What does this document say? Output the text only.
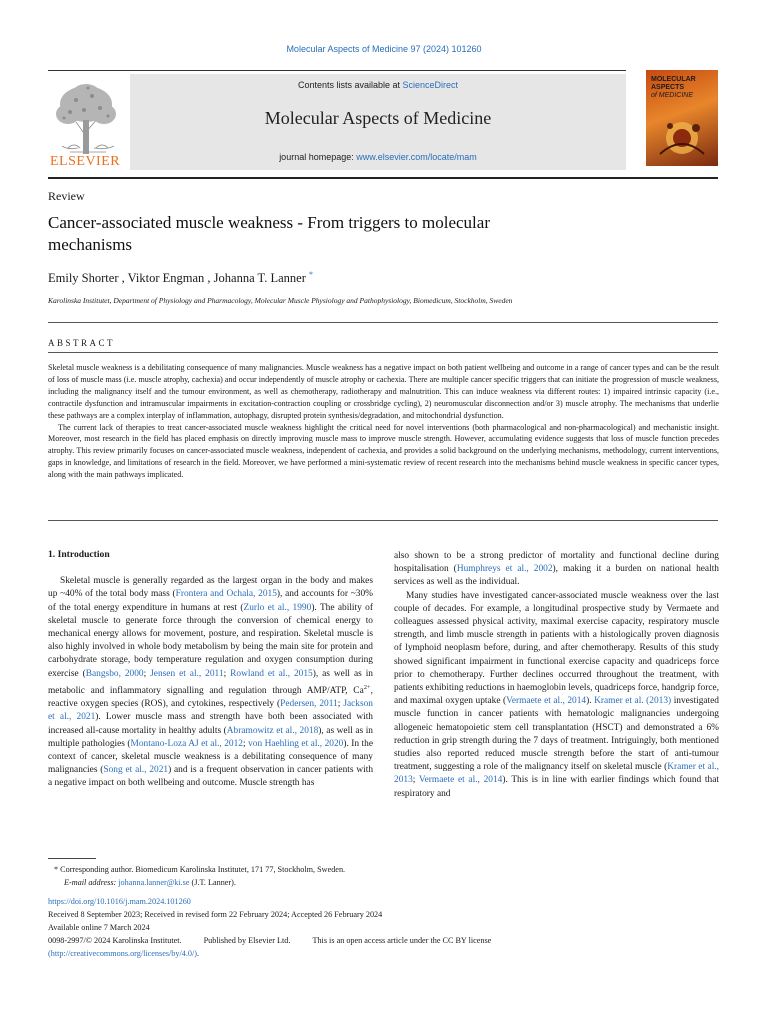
Molecular Aspects of Medicine 97 (2024) 101260
ELSEVIER
Contents lists available at ScienceDirect
Molecular Aspects of Medicine
journal homepage: www.elsevier.com/locate/mam
MOLECULAR
ASPECTS
of MEDICINE
Review
Cancer-associated muscle weakness - From triggers to molecular mechanisms
Emily Shorter , Viktor Engman , Johanna T. Lanner *
Karolinska Institutet, Department of Physiology and Pharmacology, Molecular Muscle Physiology and Pathophysiology, Biomedicum, Stockholm, Sweden
ABSTRACT

Skeletal muscle weakness is a debilitating consequence of many malignancies. Muscle weakness has a negative impact on both patient wellbeing and outcome in a range of cancer types and can be the result of loss of muscle mass (i.e. muscle atrophy, cachexia) and occur independently of muscle atrophy or cachexia. There are multiple cancer specific triggers that can initiate the progression of muscle weakness, including the malignancy itself and the tumour environment, as well as chemotherapy, radiotherapy and malnutrition. This can induce weakness via different routes: 1) impaired intrinsic capacity (i.e., contractile dysfunction and intramuscular impairments in excitation-contraction coupling or crossbridge cycling), 2) neuromuscular disconnection and/or 3) muscle atrophy. The mechanisms that underlie these pathways are a complex interplay of inflammation, autophagy, disrupted protein synthesis/degradation, and mitochondrial dysfunction.

The current lack of therapies to treat cancer-associated muscle weakness highlight the critical need for novel interventions (both pharmacological and non-pharmacological) and mechanistic insight. Moreover, most research in the field has placed emphasis on directly improving muscle mass to improve muscle strength. However, accumulating evidence suggests that loss of muscle function precedes atrophy. This review primarily focuses on cancer-associated muscle weakness, independent of cachexia, and provides a solid background on the underlying mechanisms, methodology, current interventions, gaps in knowledge, and limitations of research in the field. Moreover, we have performed a mini-systematic review of recent research into the mechanisms behind muscle weakness in specific cancer types, along with the main pathways implicated.

1. Introduction

Skeletal muscle is generally regarded as the largest organ in the body and makes up ~40% of the total body mass (Frontera and Ochala, 2015), and accounts for ~30% of the total energy expenditure in humans at rest (Zurlo et al., 1990). The ability of skeletal muscle to generate force through the conversion of chemical energy to mechanical energy allows for movement, posture, and respiration. Skeletal muscle is also highly involved in whole body metabolism by being the main site for protein and carbohydrate storage, body temperature regulation and oxygen consumption during exercise (Bangsbo, 2000; Jensen et al., 2011; Rowland et al., 2015), as well as in metabolic and inflammatory signalling and regulation through AMP/ATP, $Ca^{2+}$, reactive oxygen species (ROS), and cytokines, respectively (Pedersen, 2011; Jackson et al., 2021). Lower muscle mass and strength have both been associated with increased all-cause mortality in healthy adults (Abramowitz et al., 2018), as well as in multiple pathologies (Montano-Loza AJ et al., 2012; von Haehling et al., 2020). In the context of cancer, skeletal muscle weakness is a debilitating consequence of many malignancies (Song et al., 2021) and is a frequent observation in cancer patients with a negative impact on both wellbeing and outcome. Muscle strength has

also shown to be a strong predictor of mortality and functional decline during hospitalisation (Humphreys et al., 2002), making it a burden on national health services as well as the individual.

Many studies have investigated cancer-associated muscle weakness over the last couple of decades. For example, a longitudinal prospective study by Vermaete and colleagues assessed physical activity, maximal exercise capacity, respiratory muscle strength, and limb muscle strength in patients with a histologically proven diagnosis of lymphoid neoplasm before, during, and after chemotherapy. Results of this study showed significant impairment in functional exercise capacity and quadriceps force prior to chemotherapy. Further declines occurred throughout the treatment, with patients exhibiting reductions in haemoglobin levels, quadriceps force, handgrip force, and maximal oxygen uptake (Vermaete et al., 2014). Kramer et al. (2013) investigated muscle function in cancer patients with hematologic malignancies undergoing allogeneic hematopoietic stem cell transplantation (HSCT) and demonstrated a 6% reduction in grip strength during the 7 days of treatment. Intriguingly, both mentioned studies also reported reduced muscle strength before the start of anti-tumour treatment, suggesting a role of the malignancy itself on skeletal muscle (Kramer et al., 2013; Vermaete et al., 2014). This is in line with earlier findings which found that respiratory and

* Corresponding author. Biomedicum Karolinska Institutet, 171 77, Stockholm, Sweden.
E-mail address: johanna.lanner@ki.se (J.T. Lanner).
https://doi.org/10.1016/j.mam.2024.101260
Received 8 September 2023; Received in revised form 22 February 2024; Accepted 26 February 2024
Available online 7 March 2024
0098-2997/© 2024 Karolinska Institutet.	Published by Elsevier Ltd.	This is an open access article under the CC BY license
(http://creativecommons.org/licenses/by/4.0/).
